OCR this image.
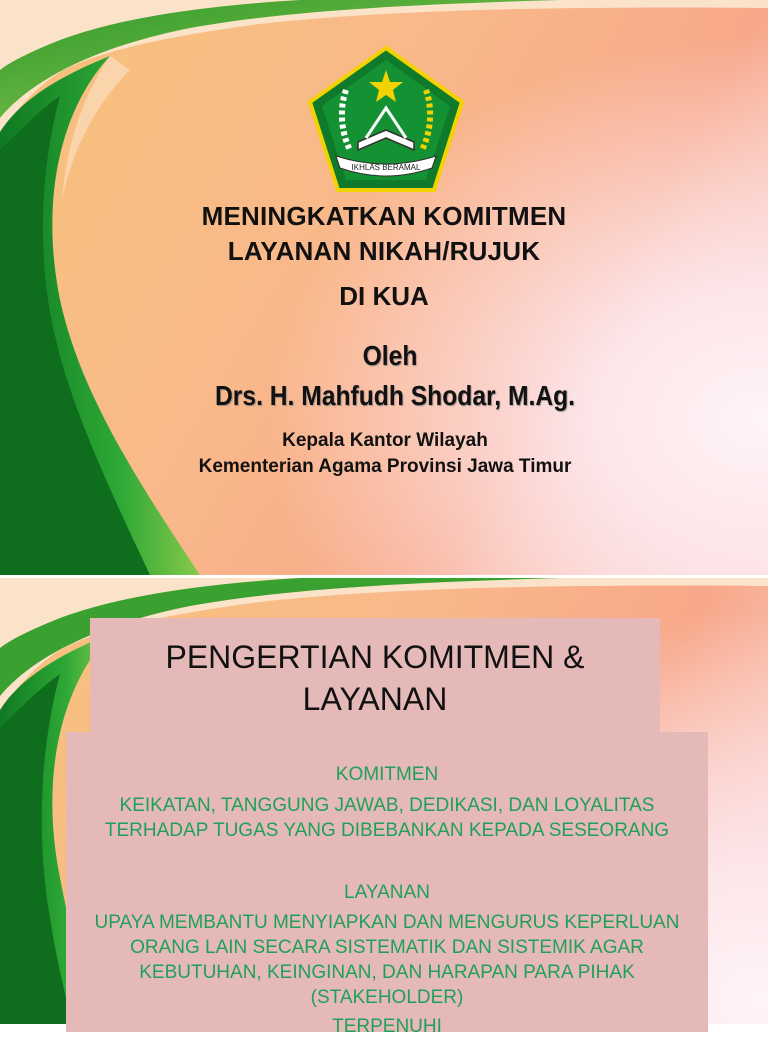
IKHLAS BERAMAL
MENINGKATKAN KOMITMEN
LAYANAN NIKAH/RUJUK
DI KUA
Oleh
Drs. H. Mahfudh Shodar, M.Ag.
Kepala Kantor Wilayah
Kementerian Agama Provinsi Jawa Timur
PENGERTIAN KOMITMEN &
LAYANAN
KOMITMEN
KEIKATAN, TANGGUNG JAWAB, DEDIKASI, DAN LOYALITAS
TERHADAP TUGAS YANG DIBEBANKAN KEPADA SESEORANG
LAYANAN
UPAYA MEMBANTU MENYIAPKAN DAN MENGURUS KEPERLUAN
ORANG LAIN SECARA SISTEMATIK DAN SISTEMIK AGAR
KEBUTUHAN, KEINGINAN, DAN HARAPAN PARA PIHAK
(STAKEHOLDER)
TERPENUHI
